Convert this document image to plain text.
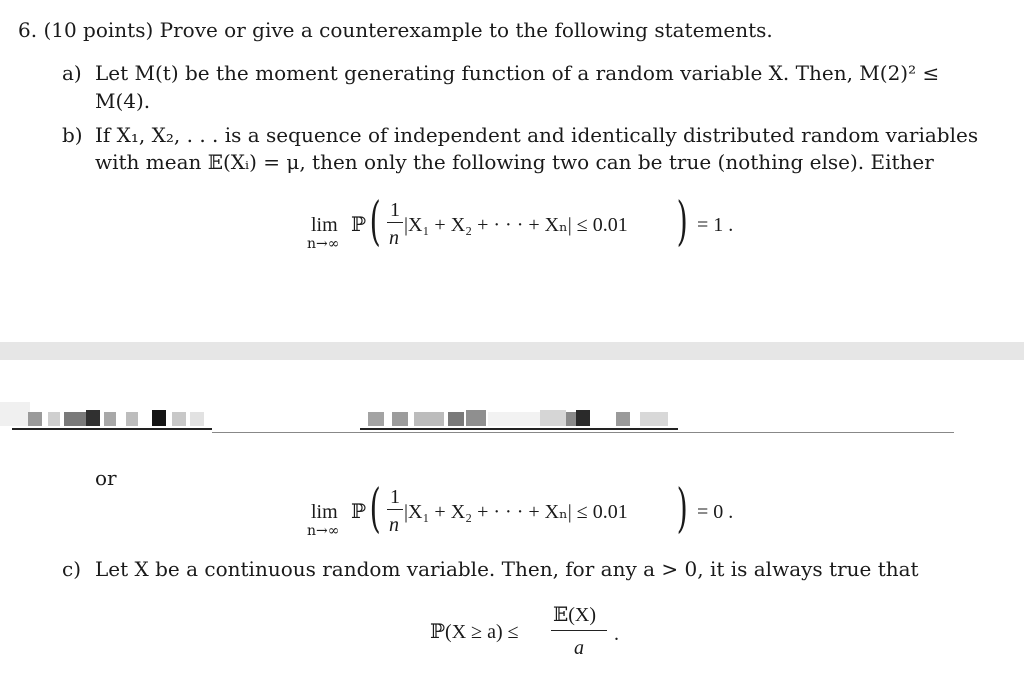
6. (10 points) Prove or give a counterexample to the following statements.
a) Let M(t) be the moment generating function of a random variable X. Then, M(2)² ≤
M(4).
b) If X₁, X₂, . . . is a sequence of independent and identically distributed random variables
with mean 𝔼(Xᵢ) = μ, then only the following two can be true (nothing else). Either
lim
n→∞
ℙ ( 1
n
|X₁ + X₂ + · · · + Xₙ| ≤ 0.01 ) = 1 .
or
lim
n→∞
ℙ ( 1
n
|X₁ + X₂ + · · · + Xₙ| ≤ 0.01 ) = 0 .
c) Let X be a continuous random variable. Then, for any a > 0, it is always true that
ℙ(X ≥ a) ≤
𝔼(X)
a
.
